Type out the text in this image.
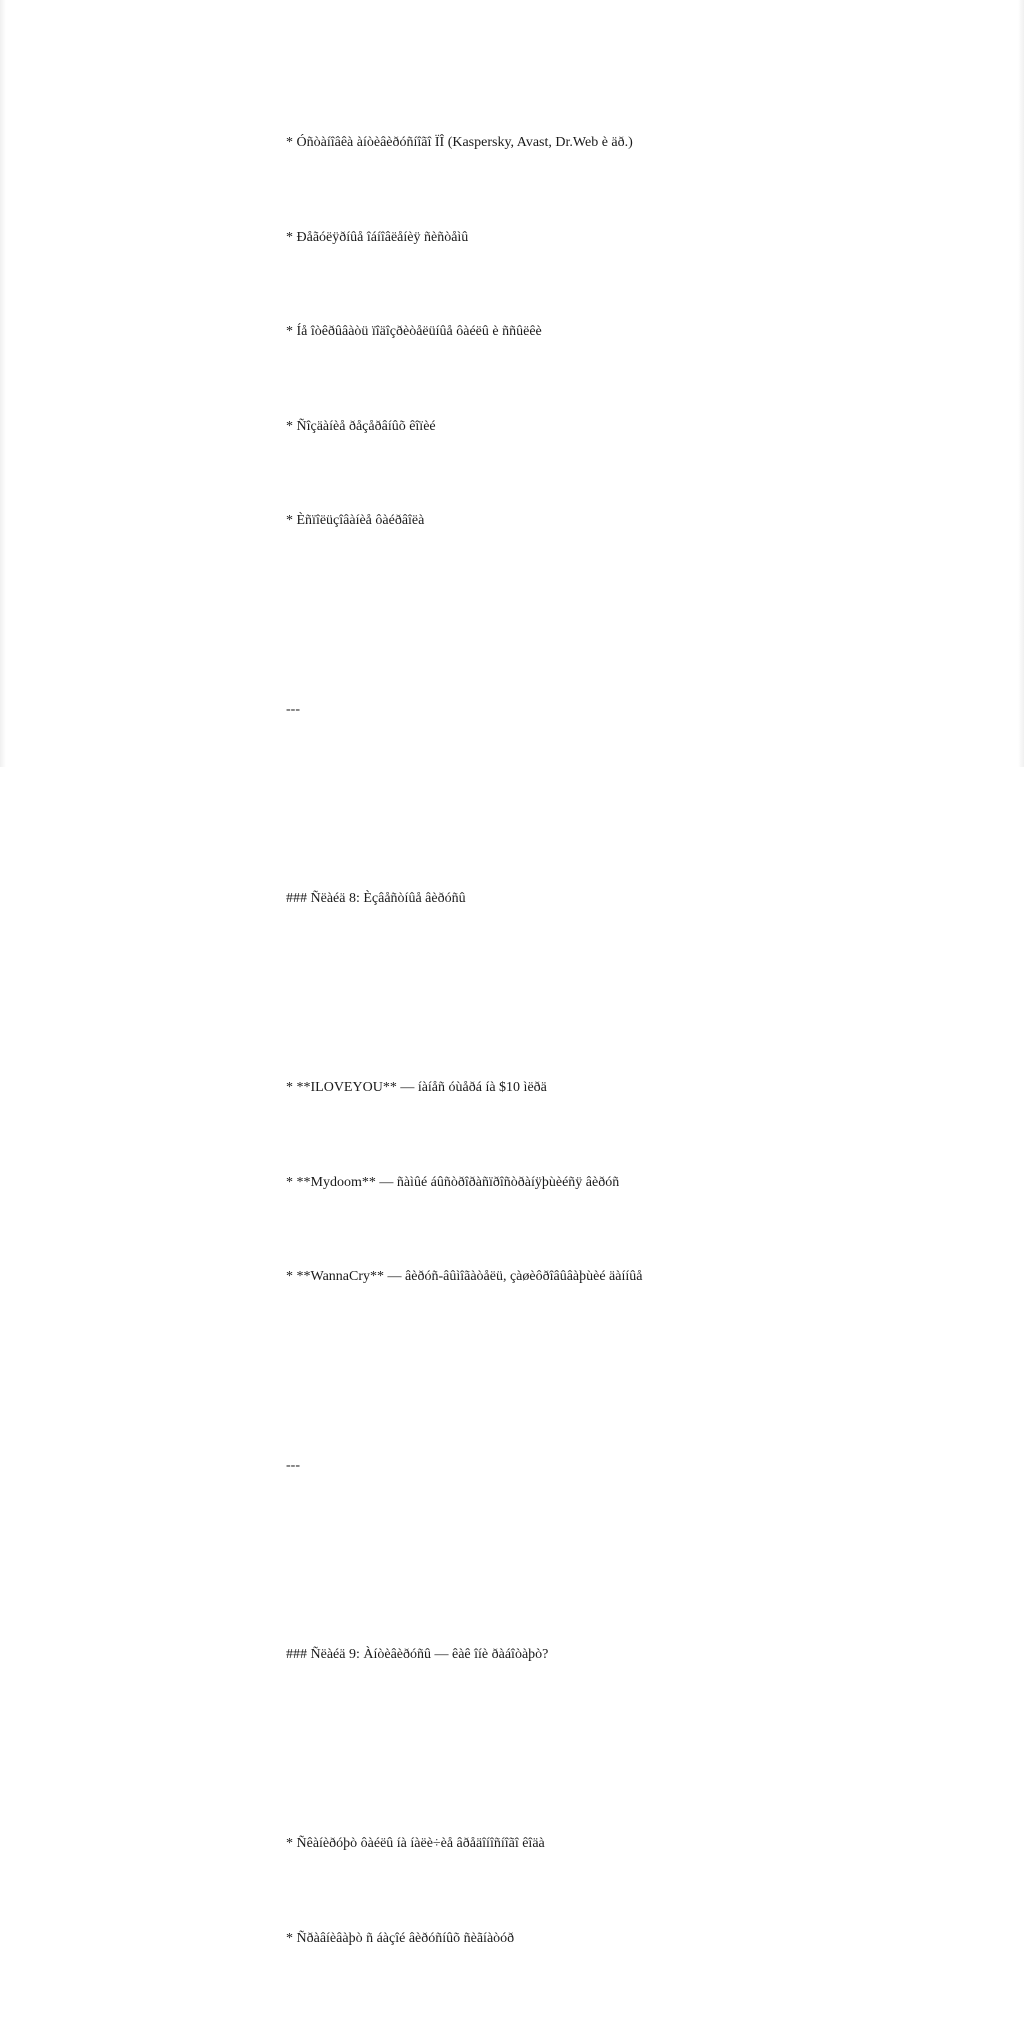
* Óñòàíîâêà àíòèâèðóñíîãî ÏÎ (Kaspersky, Avast, Dr.Web è äð.)

* Ðåãóëÿðíûå îáíîâëåíèÿ ñèñòåìû

* Íå îòêðûâàòü ïîäîçðèòåëüíûå ôàéëû è ññûëêè

* Ñîçäàíèå ðåçåðâíûõ êîïèé

* Èñïîëüçîâàíèå ôàéðâîëà

---

### Ñëàéä 8: Èçâåñòíûå âèðóñû

* **ILOVEYOU** — íàíåñ óùåðá íà $10 ìëðä

* **Mydoom** — ñàìûé áûñòðîðàñïðîñòðàíÿþùèéñÿ âèðóñ

* **WannaCry** — âèðóñ-âûìîãàòåëü, çàøèôðîâûâàþùèé äàííûå

---

### Ñëàéä 9: Àíòèâèðóñû — êàê îíè ðàáîòàþò?

* Ñêàíèðóþò ôàéëû íà íàëè÷èå âðåäîíîñíîãî êîäà

* Ñðàâíèâàþò ñ áàçîé âèðóñíûõ ñèãíàòóð
